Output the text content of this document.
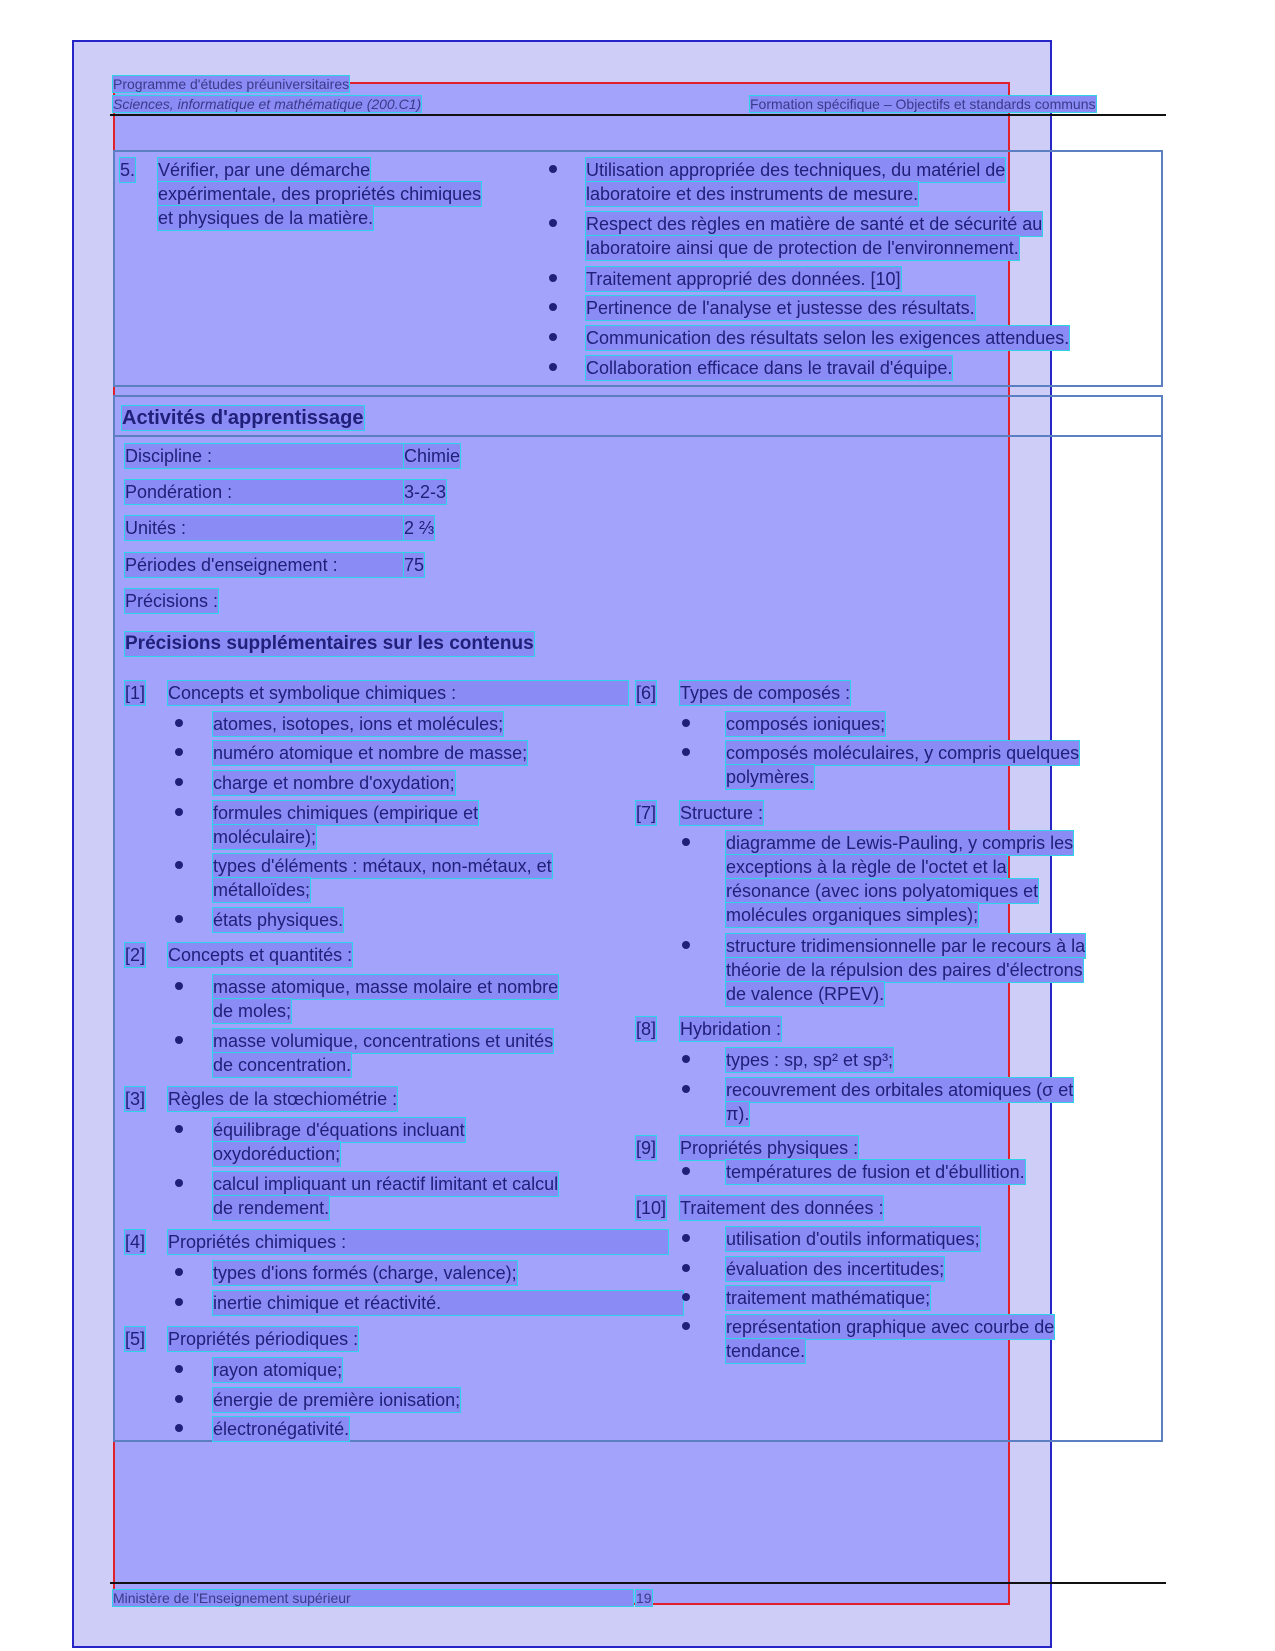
Programme d'études préuniversitaires
Sciences, informatique et mathématique (200.C1)	Formation spécifique – Objectifs et standards communs
5. Vérifier, par une démarche
expérimentale, des propriétés chimiques
et physiques de la matière.
Utilisation appropriée des techniques, du matériel de
laboratoire et des instruments de mesure.
Respect des règles en matière de santé et de sécurité au
laboratoire ainsi que de protection de l'environnement.
Traitement approprié des données. [10]
Pertinence de l'analyse et justesse des résultats.
Communication des résultats selon les exigences attendues.
Collaboration efficace dans le travail d'équipe.
Activités d'apprentissage
Discipline :	Chimie
Pondération :	3-2-3
Unités :	2 ⅔
Périodes d'enseignement :	75
Précisions :
Précisions supplémentaires sur les contenus
[1] Concepts et symbolique chimiques :
atomes, isotopes, ions et molécules;
numéro atomique et nombre de masse;
charge et nombre d'oxydation;
formules chimiques (empirique et
moléculaire);
types d'éléments : métaux, non-métaux, et
métalloïdes;
états physiques.
[2] Concepts et quantités :
masse atomique, masse molaire et nombre
de moles;
masse volumique, concentrations et unités
de concentration.
[3] Règles de la stœchiométrie :
équilibrage d'équations incluant
oxydoréduction;
calcul impliquant un réactif limitant et calcul
de rendement.
[4] Propriétés chimiques :
types d'ions formés (charge, valence);
inertie chimique et réactivité.
[5] Propriétés périodiques :
rayon atomique;
énergie de première ionisation;
électronégativité.
[6] Types de composés :
composés ioniques;
composés moléculaires, y compris quelques
polymères.
[7] Structure :
diagramme de Lewis-Pauling, y compris les
exceptions à la règle de l'octet et la
résonance (avec ions polyatomiques et
molécules organiques simples);
structure tridimensionnelle par le recours à la
théorie de la répulsion des paires d'électrons
de valence (RPEV).
[8] Hybridation :
types : sp, sp² et sp³;
recouvrement des orbitales atomiques (σ et
π).
[9] Propriétés physiques :
températures de fusion et d'ébullition.
[10] Traitement des données :
utilisation d'outils informatiques;
évaluation des incertitudes;
traitement mathématique;
représentation graphique avec courbe de
tendance.
Ministère de l'Enseignement supérieur	19
